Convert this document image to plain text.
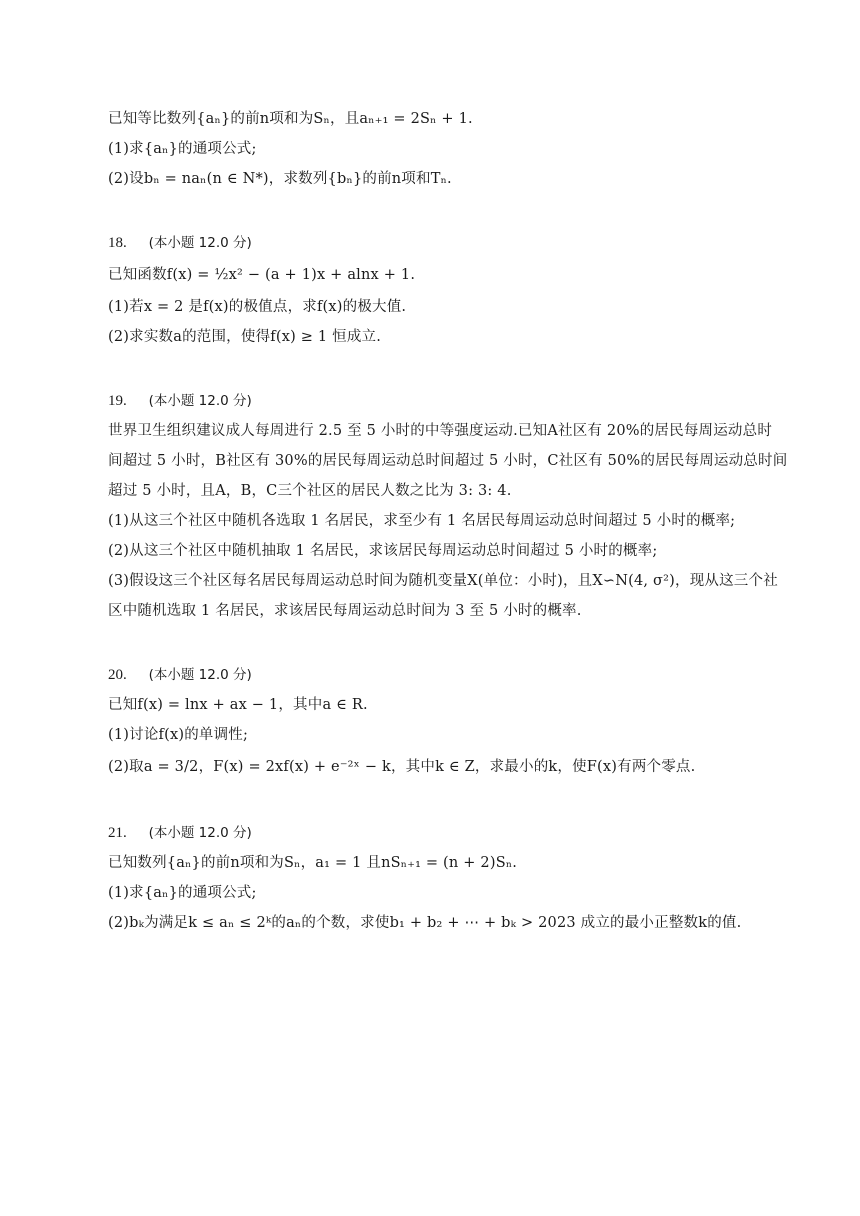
已知等比数列{aₙ}的前n项和为Sₙ，且aₙ₊₁ = 2Sₙ + 1.
(1)求{aₙ}的通项公式;
(2)设bₙ = naₙ(n ∈ N*)，求数列{bₙ}的前n项和Tₙ.
18. (本小题 12.0 分)
已知函数f(x) = ½x² − (a + 1)x + alnx + 1.
(1)若x = 2 是f(x)的极值点，求f(x)的极大值.
(2)求实数a的范围，使得f(x) ≥ 1 恒成立.
19. (本小题 12.0 分)
世界卫生组织建议成人每周进行 2.5 至 5 小时的中等强度运动.已知A社区有 20%的居民每周运动总时
间超过 5 小时，B社区有 30%的居民每周运动总时间超过 5 小时，C社区有 50%的居民每周运动总时间
超过 5 小时，且A，B，C三个社区的居民人数之比为 3: 3: 4.
(1)从这三个社区中随机各选取 1 名居民，求至少有 1 名居民每周运动总时间超过 5 小时的概率;
(2)从这三个社区中随机抽取 1 名居民，求该居民每周运动总时间超过 5 小时的概率;
(3)假设这三个社区每名居民每周运动总时间为随机变量X(单位：小时)，且X∽N(4, σ²)，现从这三个社
区中随机选取 1 名居民，求该居民每周运动总时间为 3 至 5 小时的概率.
20. (本小题 12.0 分)
已知f(x) = lnx + ax − 1，其中a ∈ R.
(1)讨论f(x)的单调性;
(2)取a = 3/2，F(x) = 2xf(x) + e⁻²ˣ − k，其中k ∈ Z，求最小的k，使F(x)有两个零点.
21. (本小题 12.0 分)
已知数列{aₙ}的前n项和为Sₙ，a₁ = 1 且nSₙ₊₁ = (n + 2)Sₙ.
(1)求{aₙ}的通项公式;
(2)bₖ为满足k ≤ aₙ ≤ 2ᵏ的aₙ的个数，求使b₁ + b₂ + ⋯ + bₖ > 2023 成立的最小正整数k的值.
